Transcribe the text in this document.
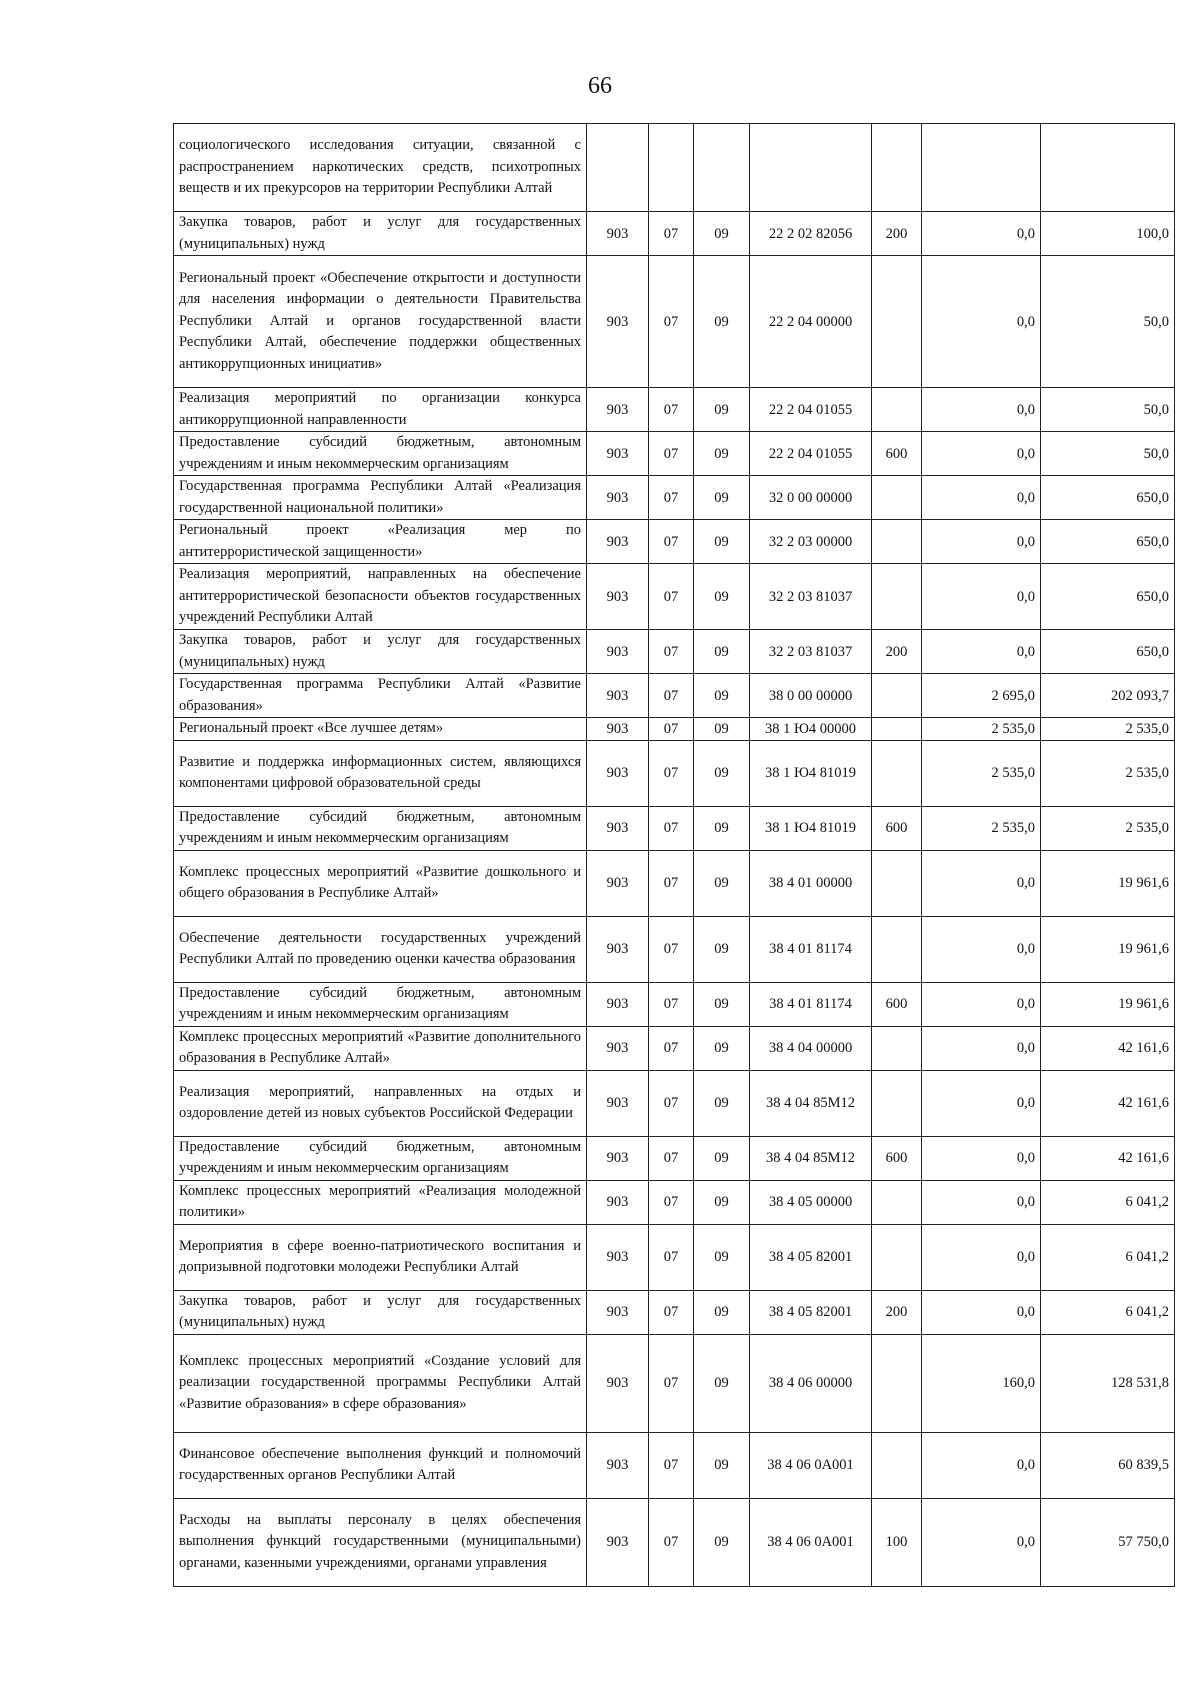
66
социологического исследования ситуации, связанной с распространением наркотических средств, психотропных веществ и их прекурсоров на территории Республики Алтай							
Закупка товаров, работ и услуг для государственных (муниципальных) нужд	903	07	09	22 2 02 82056	200	0,0	100,0
Региональный проект «Обеспечение открытости и доступности для населения информации о деятельности Правительства Республики Алтай и органов государственной власти Республики Алтай, обеспечение поддержки общественных антикоррупционных инициатив»	903	07	09	22 2 04 00000		0,0	50,0
Реализация мероприятий по организации конкурса антикоррупционной направленности	903	07	09	22 2 04 01055		0,0	50,0
Предоставление субсидий бюджетным, автономным учреждениям и иным некоммерческим организациям	903	07	09	22 2 04 01055	600	0,0	50,0
Государственная программа Республики Алтай «Реализация государственной национальной политики»	903	07	09	32 0 00 00000		0,0	650,0
Региональный проект «Реализация мер по антитеррористической защищенности»	903	07	09	32 2 03 00000		0,0	650,0
Реализация мероприятий, направленных на обеспечение антитеррористической безопасности объектов государственных учреждений Республики Алтай	903	07	09	32 2 03 81037		0,0	650,0
Закупка товаров, работ и услуг для государственных (муниципальных) нужд	903	07	09	32 2 03 81037	200	0,0	650,0
Государственная программа Республики Алтай «Развитие образования»	903	07	09	38 0 00 00000		2 695,0	202 093,7
Региональный проект «Все лучшее детям»	903	07	09	38 1 Ю4 00000		2 535,0	2 535,0
Развитие и поддержка информационных систем, являющихся компонентами цифровой образовательной среды	903	07	09	38 1 Ю4 81019		2 535,0	2 535,0
Предоставление субсидий бюджетным, автономным учреждениям и иным некоммерческим организациям	903	07	09	38 1 Ю4 81019	600	2 535,0	2 535,0
Комплекс процессных мероприятий «Развитие дошкольного и общего образования в Республике Алтай»	903	07	09	38 4 01 00000		0,0	19 961,6
Обеспечение деятельности государственных учреждений Республики Алтай по проведению оценки качества образования	903	07	09	38 4 01 81174		0,0	19 961,6
Предоставление субсидий бюджетным, автономным учреждениям и иным некоммерческим организациям	903	07	09	38 4 01 81174	600	0,0	19 961,6
Комплекс процессных мероприятий «Развитие дополнительного образования в Республике Алтай»	903	07	09	38 4 04 00000		0,0	42 161,6
Реализация мероприятий, направленных на отдых и оздоровление детей из новых субъектов Российской Федерации	903	07	09	38 4 04 85М12		0,0	42 161,6
Предоставление субсидий бюджетным, автономным учреждениям и иным некоммерческим организациям	903	07	09	38 4 04 85М12	600	0,0	42 161,6
Комплекс процессных мероприятий «Реализация молодежной политики»	903	07	09	38 4 05 00000		0,0	6 041,2
Мероприятия в сфере военно-патриотического воспитания и допризывной подготовки молодежи Республики Алтай	903	07	09	38 4 05 82001		0,0	6 041,2
Закупка товаров, работ и услуг для государственных (муниципальных) нужд	903	07	09	38 4 05 82001	200	0,0	6 041,2
Комплекс процессных мероприятий «Создание условий для реализации государственной программы Республики Алтай «Развитие образования» в сфере образования»	903	07	09	38 4 06 00000		160,0	128 531,8
Финансовое обеспечение выполнения функций и полномочий государственных органов Республики Алтай	903	07	09	38 4 06 0А001		0,0	60 839,5
Расходы на выплаты персоналу в целях обеспечения выполнения функций государственными (муниципальными) органами, казенными учреждениями, органами управления	903	07	09	38 4 06 0А001	100	0,0	57 750,0
